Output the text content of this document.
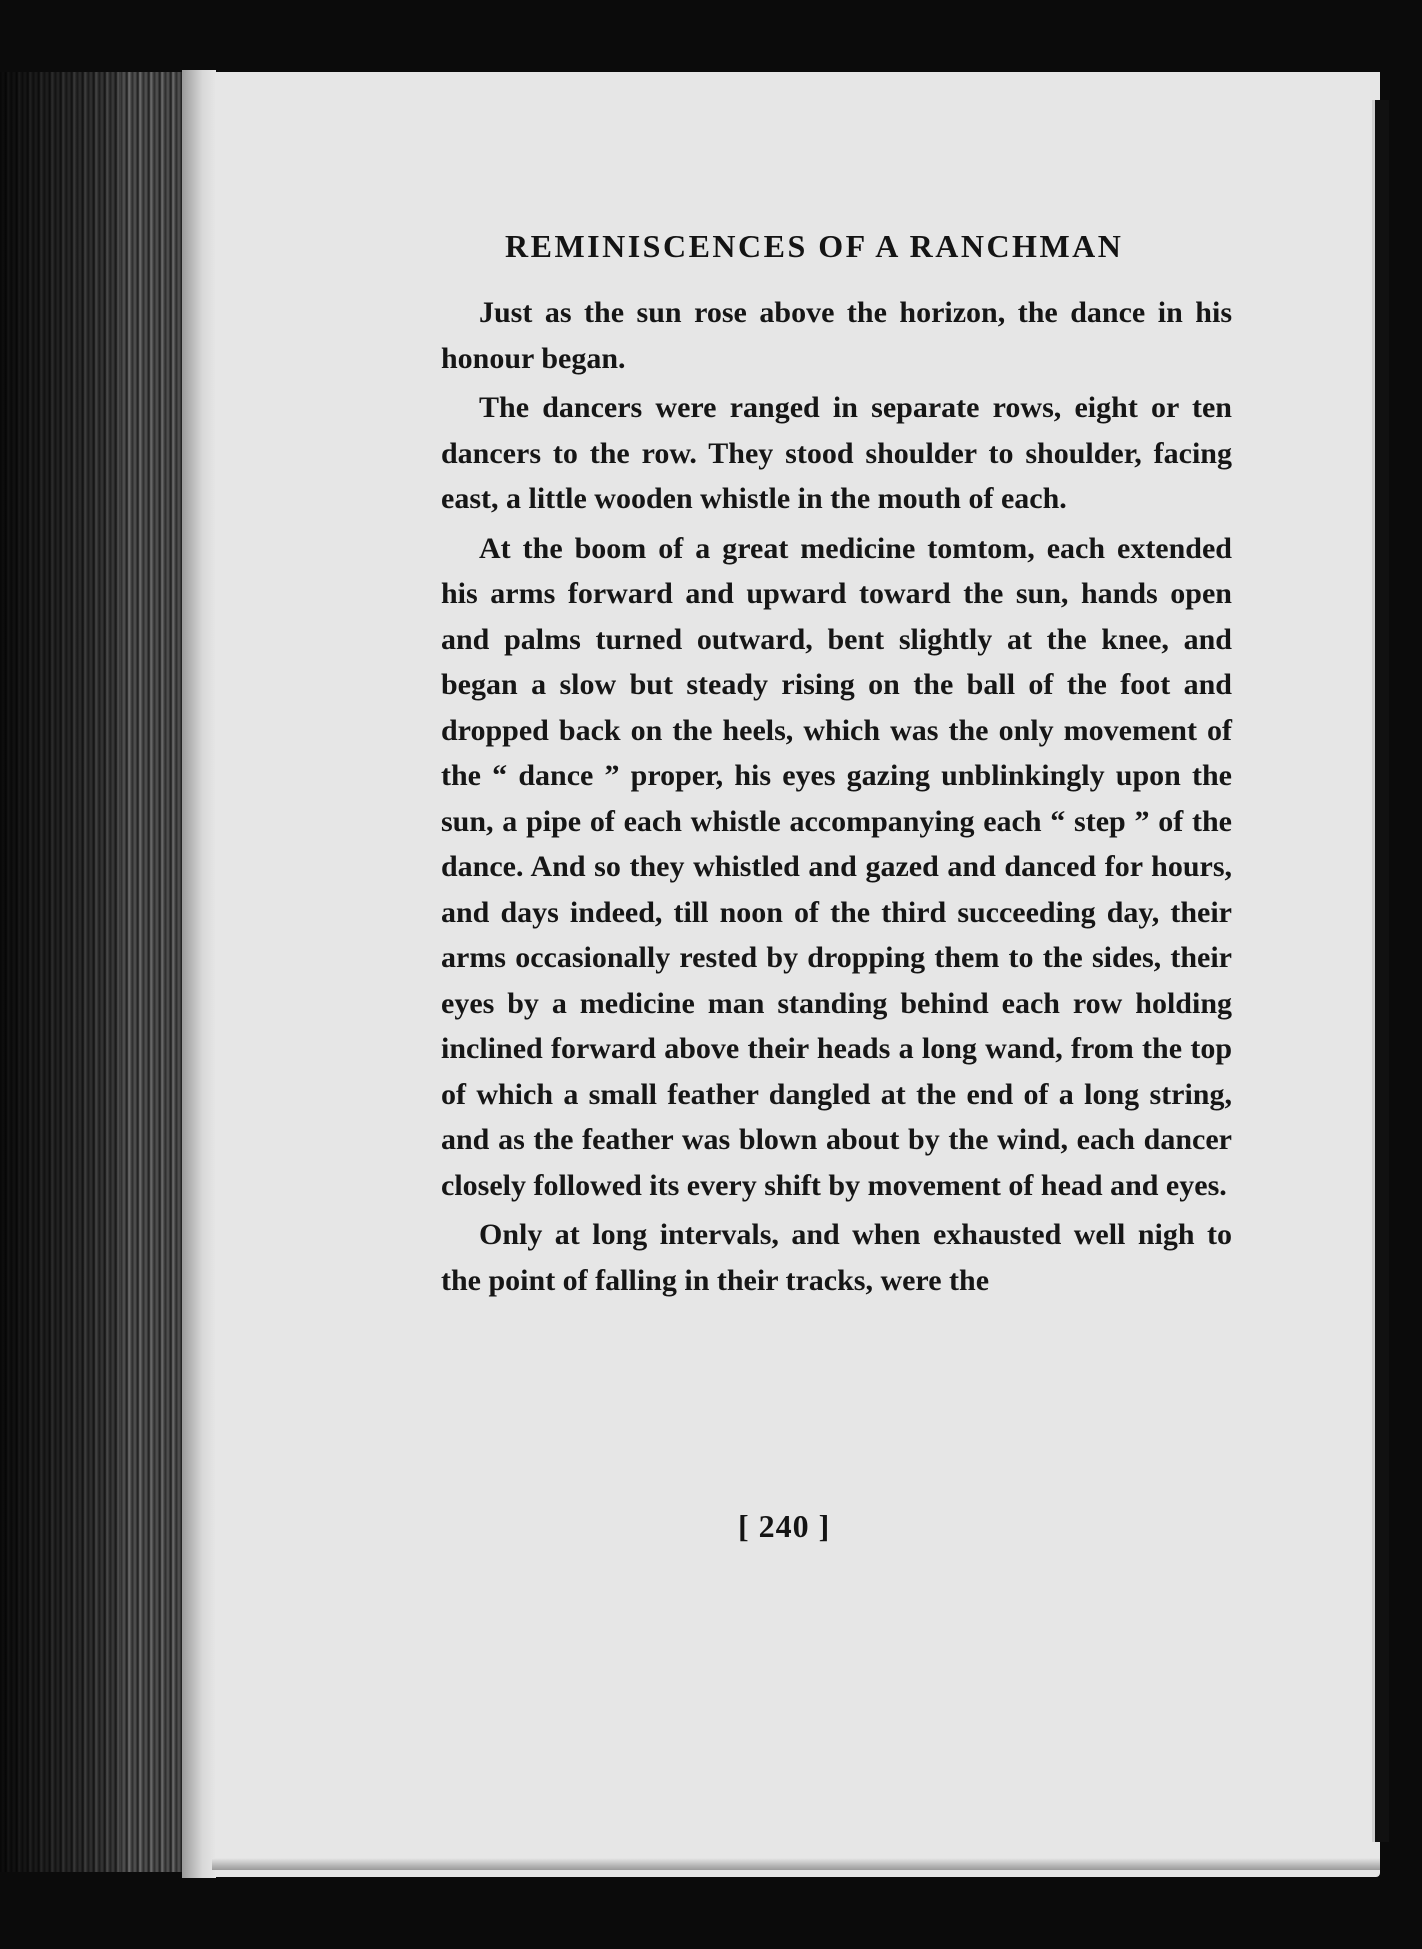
REMINISCENCES OF A RANCHMAN

Just as the sun rose above the horizon, the dance in his honour began.

The dancers were ranged in separate rows, eight or ten dancers to the row. They stood shoulder to shoulder, facing east, a little wooden whistle in the mouth of each.

At the boom of a great medicine tomtom, each extended his arms forward and upward toward the sun, hands open and palms turned outward, bent slightly at the knee, and began a slow but steady rising on the ball of the foot and dropped back on the heels, which was the only movement of the “ dance ” proper, his eyes gazing unblinkingly upon the sun, a pipe of each whistle accompanying each “ step ” of the dance. And so they whistled and gazed and danced for hours, and days indeed, till noon of the third succeeding day, their arms occasionally rested by dropping them to the sides, their eyes by a medicine man standing behind each row holding inclined forward above their heads a long wand, from the top of which a small feather dangled at the end of a long string, and as the feather was blown about by the wind, each dancer closely followed its every shift by movement of head and eyes.

Only at long intervals, and when exhausted well nigh to the point of falling in their tracks, were the

[ 240 ]
